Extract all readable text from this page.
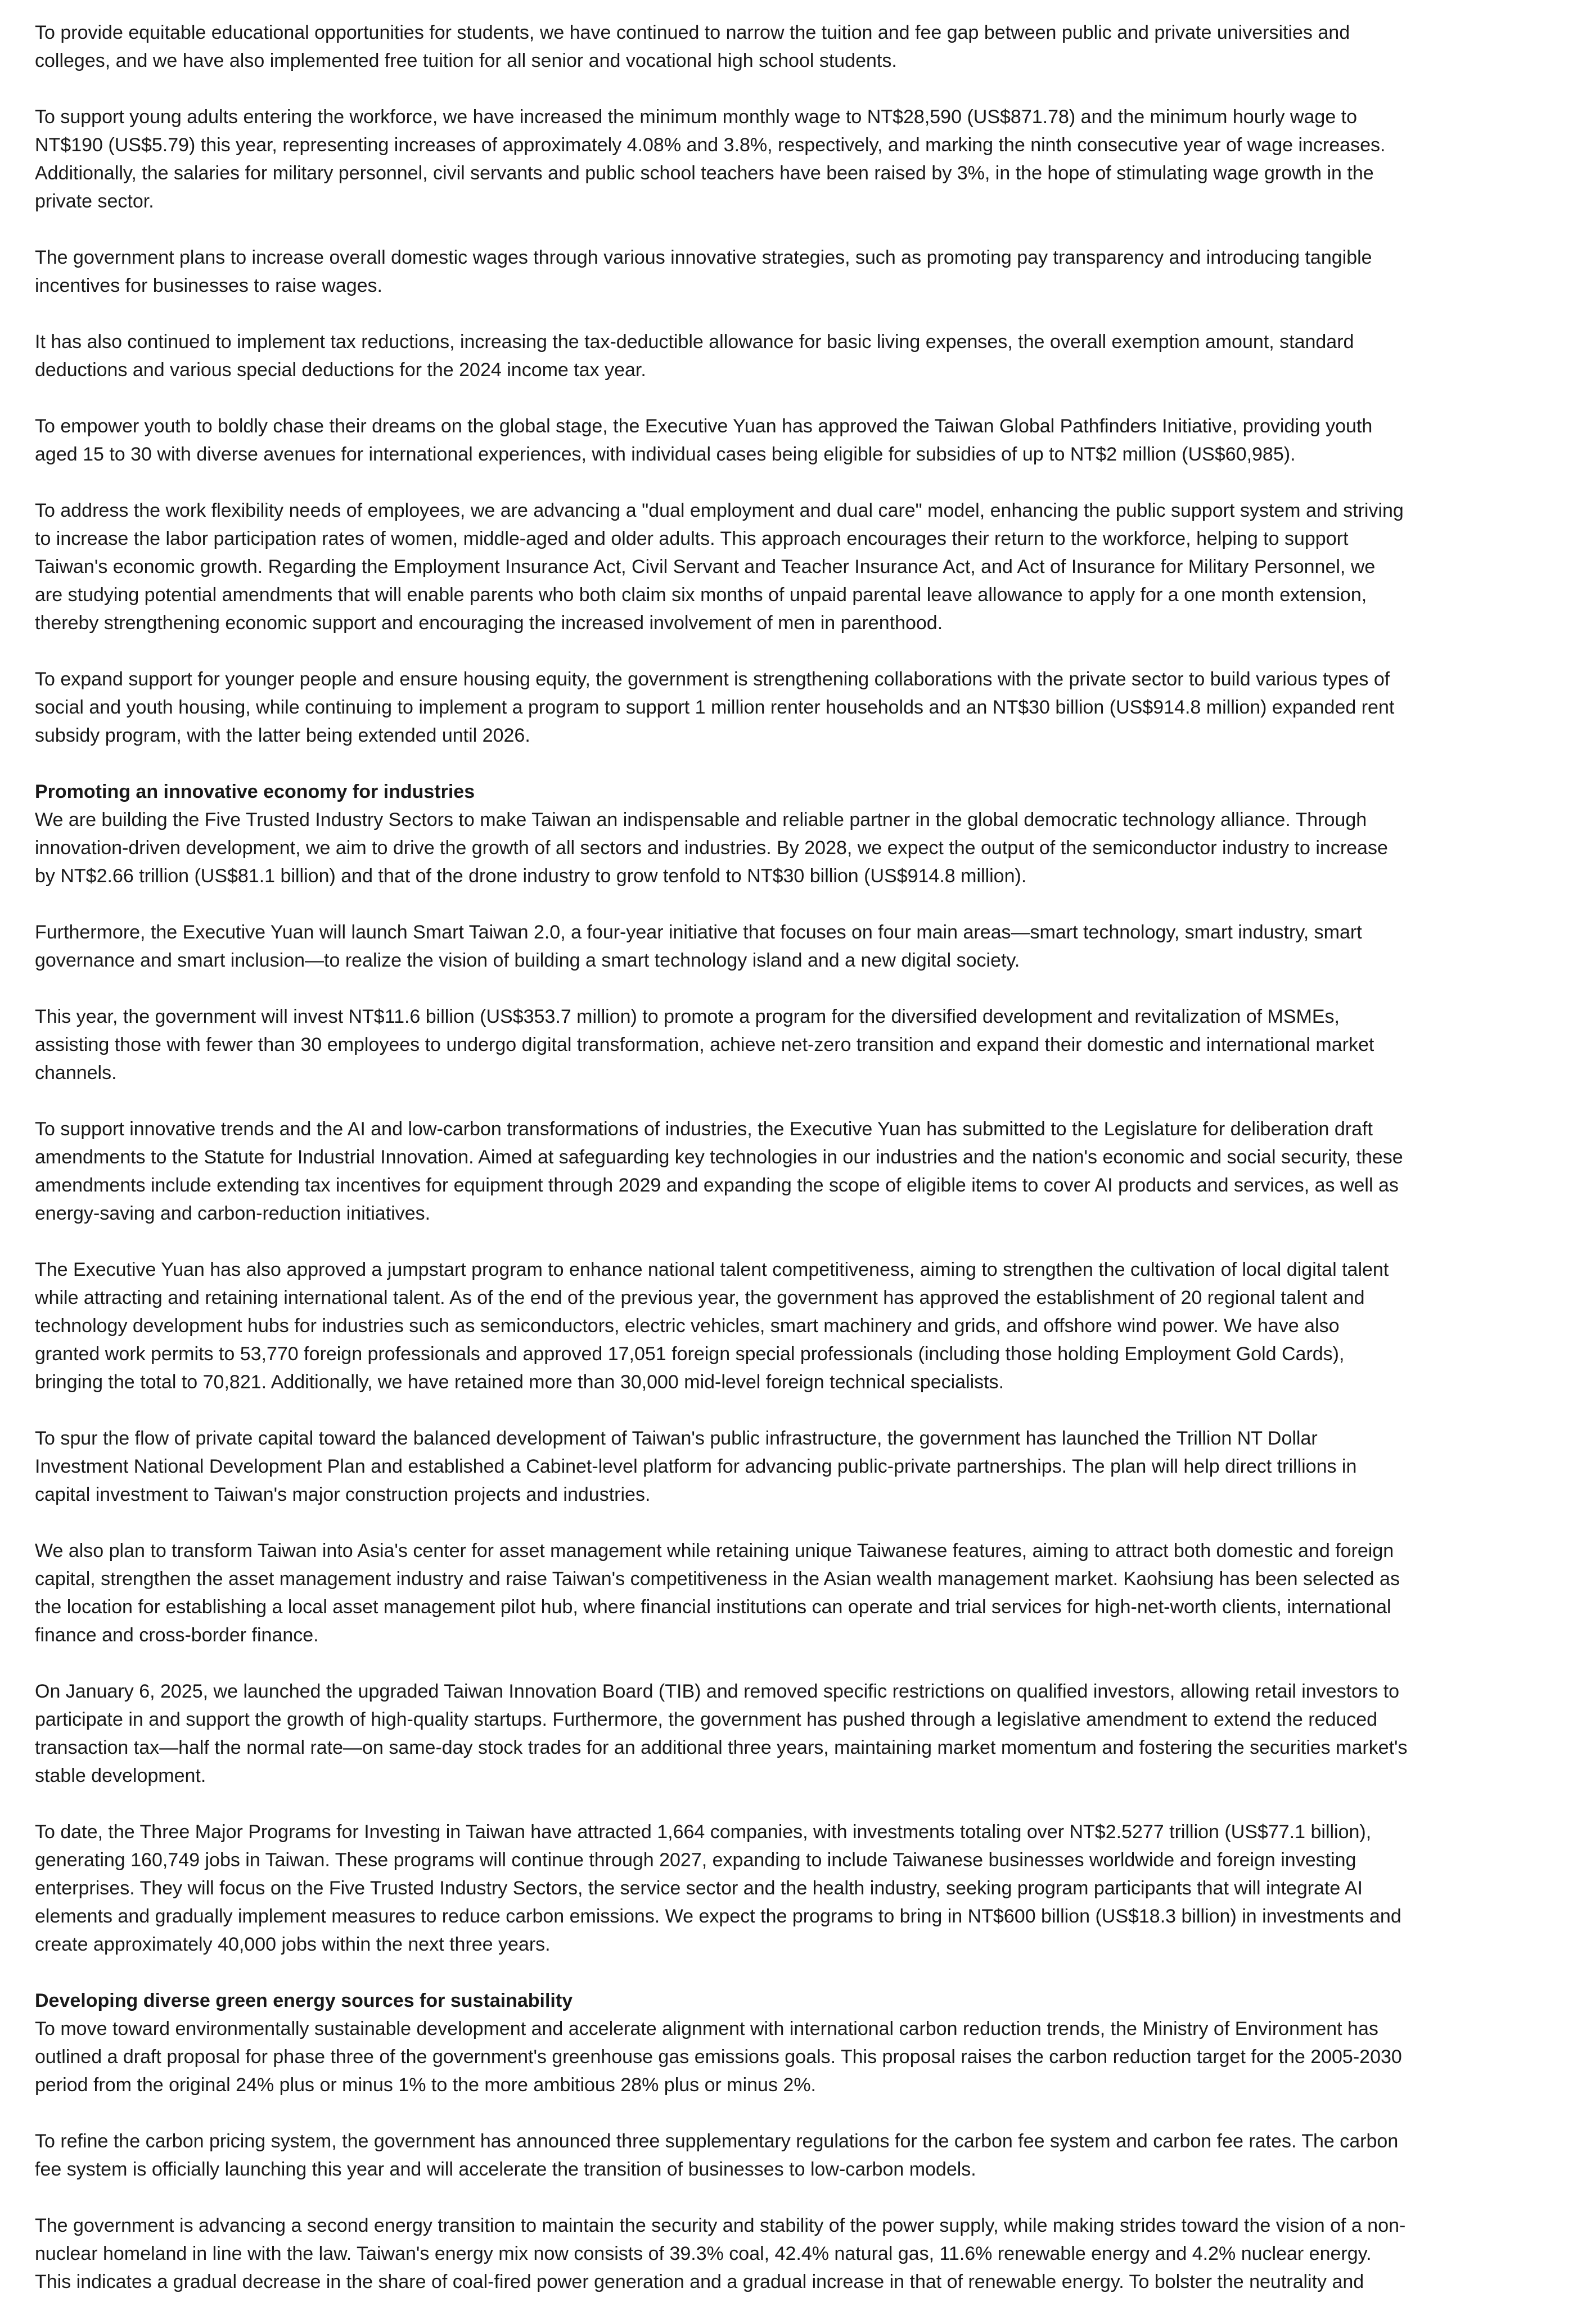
To provide equitable educational opportunities for students, we have continued to narrow the tuition and fee gap between public and private universities and
colleges, and we have also implemented free tuition for all senior and vocational high school students.
To support young adults entering the workforce, we have increased the minimum monthly wage to NT$28,590 (US$871.78) and the minimum hourly wage to
NT$190 (US$5.79) this year, representing increases of approximately 4.08% and 3.8%, respectively, and marking the ninth consecutive year of wage increases.
Additionally, the salaries for military personnel, civil servants and public school teachers have been raised by 3%, in the hope of stimulating wage growth in the
private sector.
The government plans to increase overall domestic wages through various innovative strategies, such as promoting pay transparency and introducing tangible
incentives for businesses to raise wages.
It has also continued to implement tax reductions, increasing the tax-deductible allowance for basic living expenses, the overall exemption amount, standard
deductions and various special deductions for the 2024 income tax year.
To empower youth to boldly chase their dreams on the global stage, the Executive Yuan has approved the Taiwan Global Pathfinders Initiative, providing youth
aged 15 to 30 with diverse avenues for international experiences, with individual cases being eligible for subsidies of up to NT$2 million (US$60,985).
To address the work flexibility needs of employees, we are advancing a "dual employment and dual care" model, enhancing the public support system and striving
to increase the labor participation rates of women, middle-aged and older adults. This approach encourages their return to the workforce, helping to support
Taiwan's economic growth. Regarding the Employment Insurance Act, Civil Servant and Teacher Insurance Act, and Act of Insurance for Military Personnel, we
are studying potential amendments that will enable parents who both claim six months of unpaid parental leave allowance to apply for a one month extension,
thereby strengthening economic support and encouraging the increased involvement of men in parenthood.
To expand support for younger people and ensure housing equity, the government is strengthening collaborations with the private sector to build various types of
social and youth housing, while continuing to implement a program to support 1 million renter households and an NT$30 billion (US$914.8 million) expanded rent
subsidy program, with the latter being extended until 2026.
Promoting an innovative economy for industries
We are building the Five Trusted Industry Sectors to make Taiwan an indispensable and reliable partner in the global democratic technology alliance. Through
innovation-driven development, we aim to drive the growth of all sectors and industries. By 2028, we expect the output of the semiconductor industry to increase
by NT$2.66 trillion (US$81.1 billion) and that of the drone industry to grow tenfold to NT$30 billion (US$914.8 million).
Furthermore, the Executive Yuan will launch Smart Taiwan 2.0, a four-year initiative that focuses on four main areas—smart technology, smart industry, smart
governance and smart inclusion—to realize the vision of building a smart technology island and a new digital society.
This year, the government will invest NT$11.6 billion (US$353.7 million) to promote a program for the diversified development and revitalization of MSMEs,
assisting those with fewer than 30 employees to undergo digital transformation, achieve net-zero transition and expand their domestic and international market
channels.
To support innovative trends and the AI and low-carbon transformations of industries, the Executive Yuan has submitted to the Legislature for deliberation draft
amendments to the Statute for Industrial Innovation. Aimed at safeguarding key technologies in our industries and the nation's economic and social security, these
amendments include extending tax incentives for equipment through 2029 and expanding the scope of eligible items to cover AI products and services, as well as
energy-saving and carbon-reduction initiatives.
The Executive Yuan has also approved a jumpstart program to enhance national talent competitiveness, aiming to strengthen the cultivation of local digital talent
while attracting and retaining international talent. As of the end of the previous year, the government has approved the establishment of 20 regional talent and
technology development hubs for industries such as semiconductors, electric vehicles, smart machinery and grids, and offshore wind power. We have also
granted work permits to 53,770 foreign professionals and approved 17,051 foreign special professionals (including those holding Employment Gold Cards),
bringing the total to 70,821. Additionally, we have retained more than 30,000 mid-level foreign technical specialists.
To spur the flow of private capital toward the balanced development of Taiwan's public infrastructure, the government has launched the Trillion NT Dollar
Investment National Development Plan and established a Cabinet-level platform for advancing public-private partnerships. The plan will help direct trillions in
capital investment to Taiwan's major construction projects and industries.
We also plan to transform Taiwan into Asia's center for asset management while retaining unique Taiwanese features, aiming to attract both domestic and foreign
capital, strengthen the asset management industry and raise Taiwan's competitiveness in the Asian wealth management market. Kaohsiung has been selected as
the location for establishing a local asset management pilot hub, where financial institutions can operate and trial services for high-net-worth clients, international
finance and cross-border finance.
On January 6, 2025, we launched the upgraded Taiwan Innovation Board (TIB) and removed specific restrictions on qualified investors, allowing retail investors to
participate in and support the growth of high-quality startups. Furthermore, the government has pushed through a legislative amendment to extend the reduced
transaction tax—half the normal rate—on same-day stock trades for an additional three years, maintaining market momentum and fostering the securities market's
stable development.
To date, the Three Major Programs for Investing in Taiwan have attracted 1,664 companies, with investments totaling over NT$2.5277 trillion (US$77.1 billion),
generating 160,749 jobs in Taiwan. These programs will continue through 2027, expanding to include Taiwanese businesses worldwide and foreign investing
enterprises. They will focus on the Five Trusted Industry Sectors, the service sector and the health industry, seeking program participants that will integrate AI
elements and gradually implement measures to reduce carbon emissions. We expect the programs to bring in NT$600 billion (US$18.3 billion) in investments and
create approximately 40,000 jobs within the next three years.
Developing diverse green energy sources for sustainability
To move toward environmentally sustainable development and accelerate alignment with international carbon reduction trends, the Ministry of Environment has
outlined a draft proposal for phase three of the government's greenhouse gas emissions goals. This proposal raises the carbon reduction target for the 2005-2030
period from the original 24% plus or minus 1% to the more ambitious 28% plus or minus 2%.
To refine the carbon pricing system, the government has announced three supplementary regulations for the carbon fee system and carbon fee rates. The carbon
fee system is officially launching this year and will accelerate the transition of businesses to low-carbon models.
The government is advancing a second energy transition to maintain the security and stability of the power supply, while making strides toward the vision of a non-
nuclear homeland in line with the law. Taiwan's energy mix now consists of 39.3% coal, 42.4% natural gas, 11.6% renewable energy and 4.2% nuclear energy.
This indicates a gradual decrease in the share of coal-fired power generation and a gradual increase in that of renewable energy. To bolster the neutrality and
